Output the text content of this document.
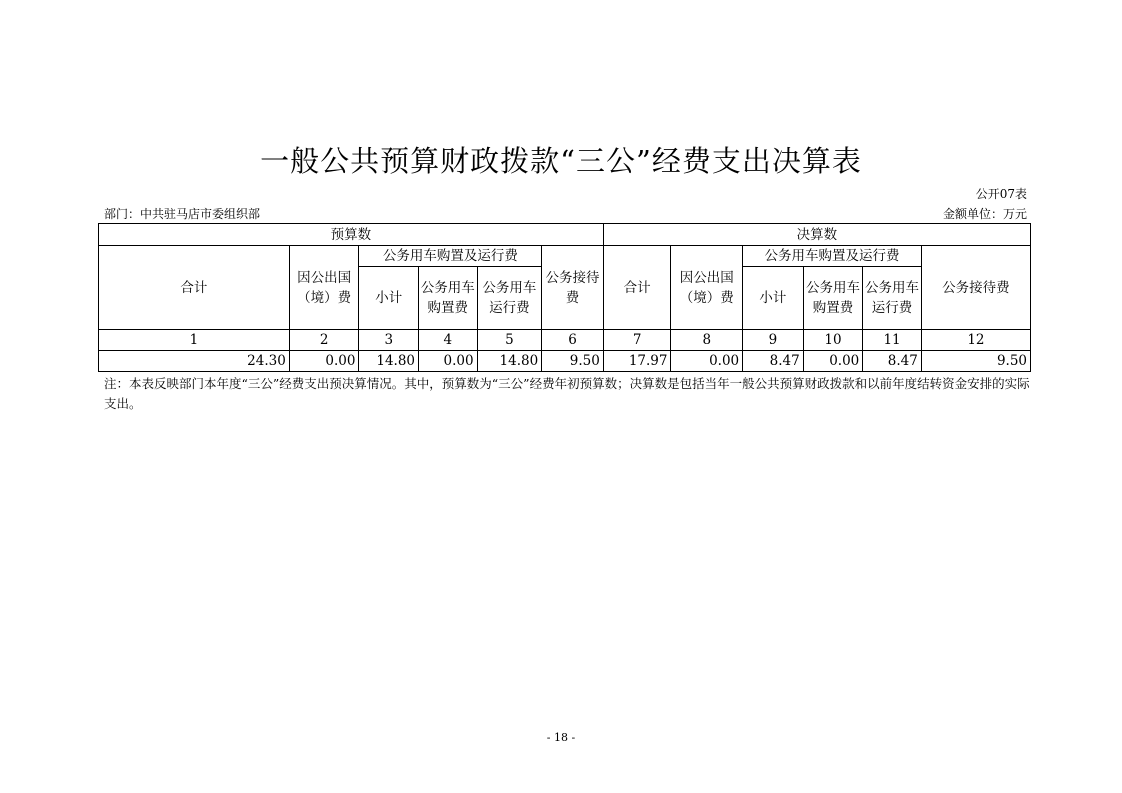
一般公共预算财政拨款“三公”经费支出决算表
公开07表
部门：中共驻马店市委组织部	金额单位：万元
预算数						决算数					
合计	因公出国（境）费	公务用车购置及运行费			公务接待费	合计	因公出国（境）费	公务用车购置及运行费			公务接待费
		小计	公务用车购置费	公务用车运行费				小计	公务用车购置费	公务用车运行费	
1	2	3	4	5	6	7	8	9	10	11	12
24.30	0.00	14.80	0.00	14.80	9.50	17.97	0.00	8.47	0.00	8.47	9.50
注：本表反映部门本年度“三公”经费支出预决算情况。其中，预算数为“三公”经费年初预算数；决算数是包括当年一般公共预算财政拨款和以前年度结转资金安排的实际支出。
- 18 -
